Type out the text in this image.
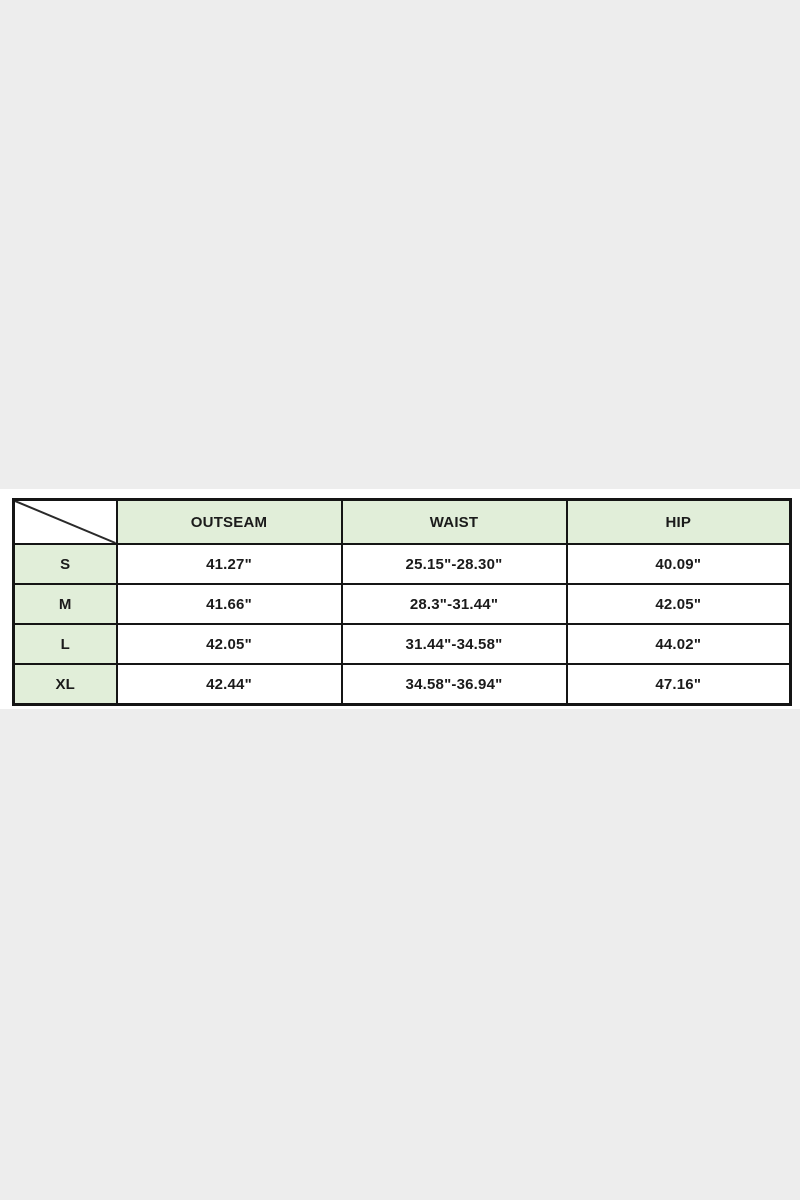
	OUTSEAM	WAIST	HIP
S	41.27"	25.15"-28.30"	40.09"
M	41.66"	28.3"-31.44"	42.05"
L	42.05"	31.44"-34.58"	44.02"
XL	42.44"	34.58"-36.94"	47.16"
